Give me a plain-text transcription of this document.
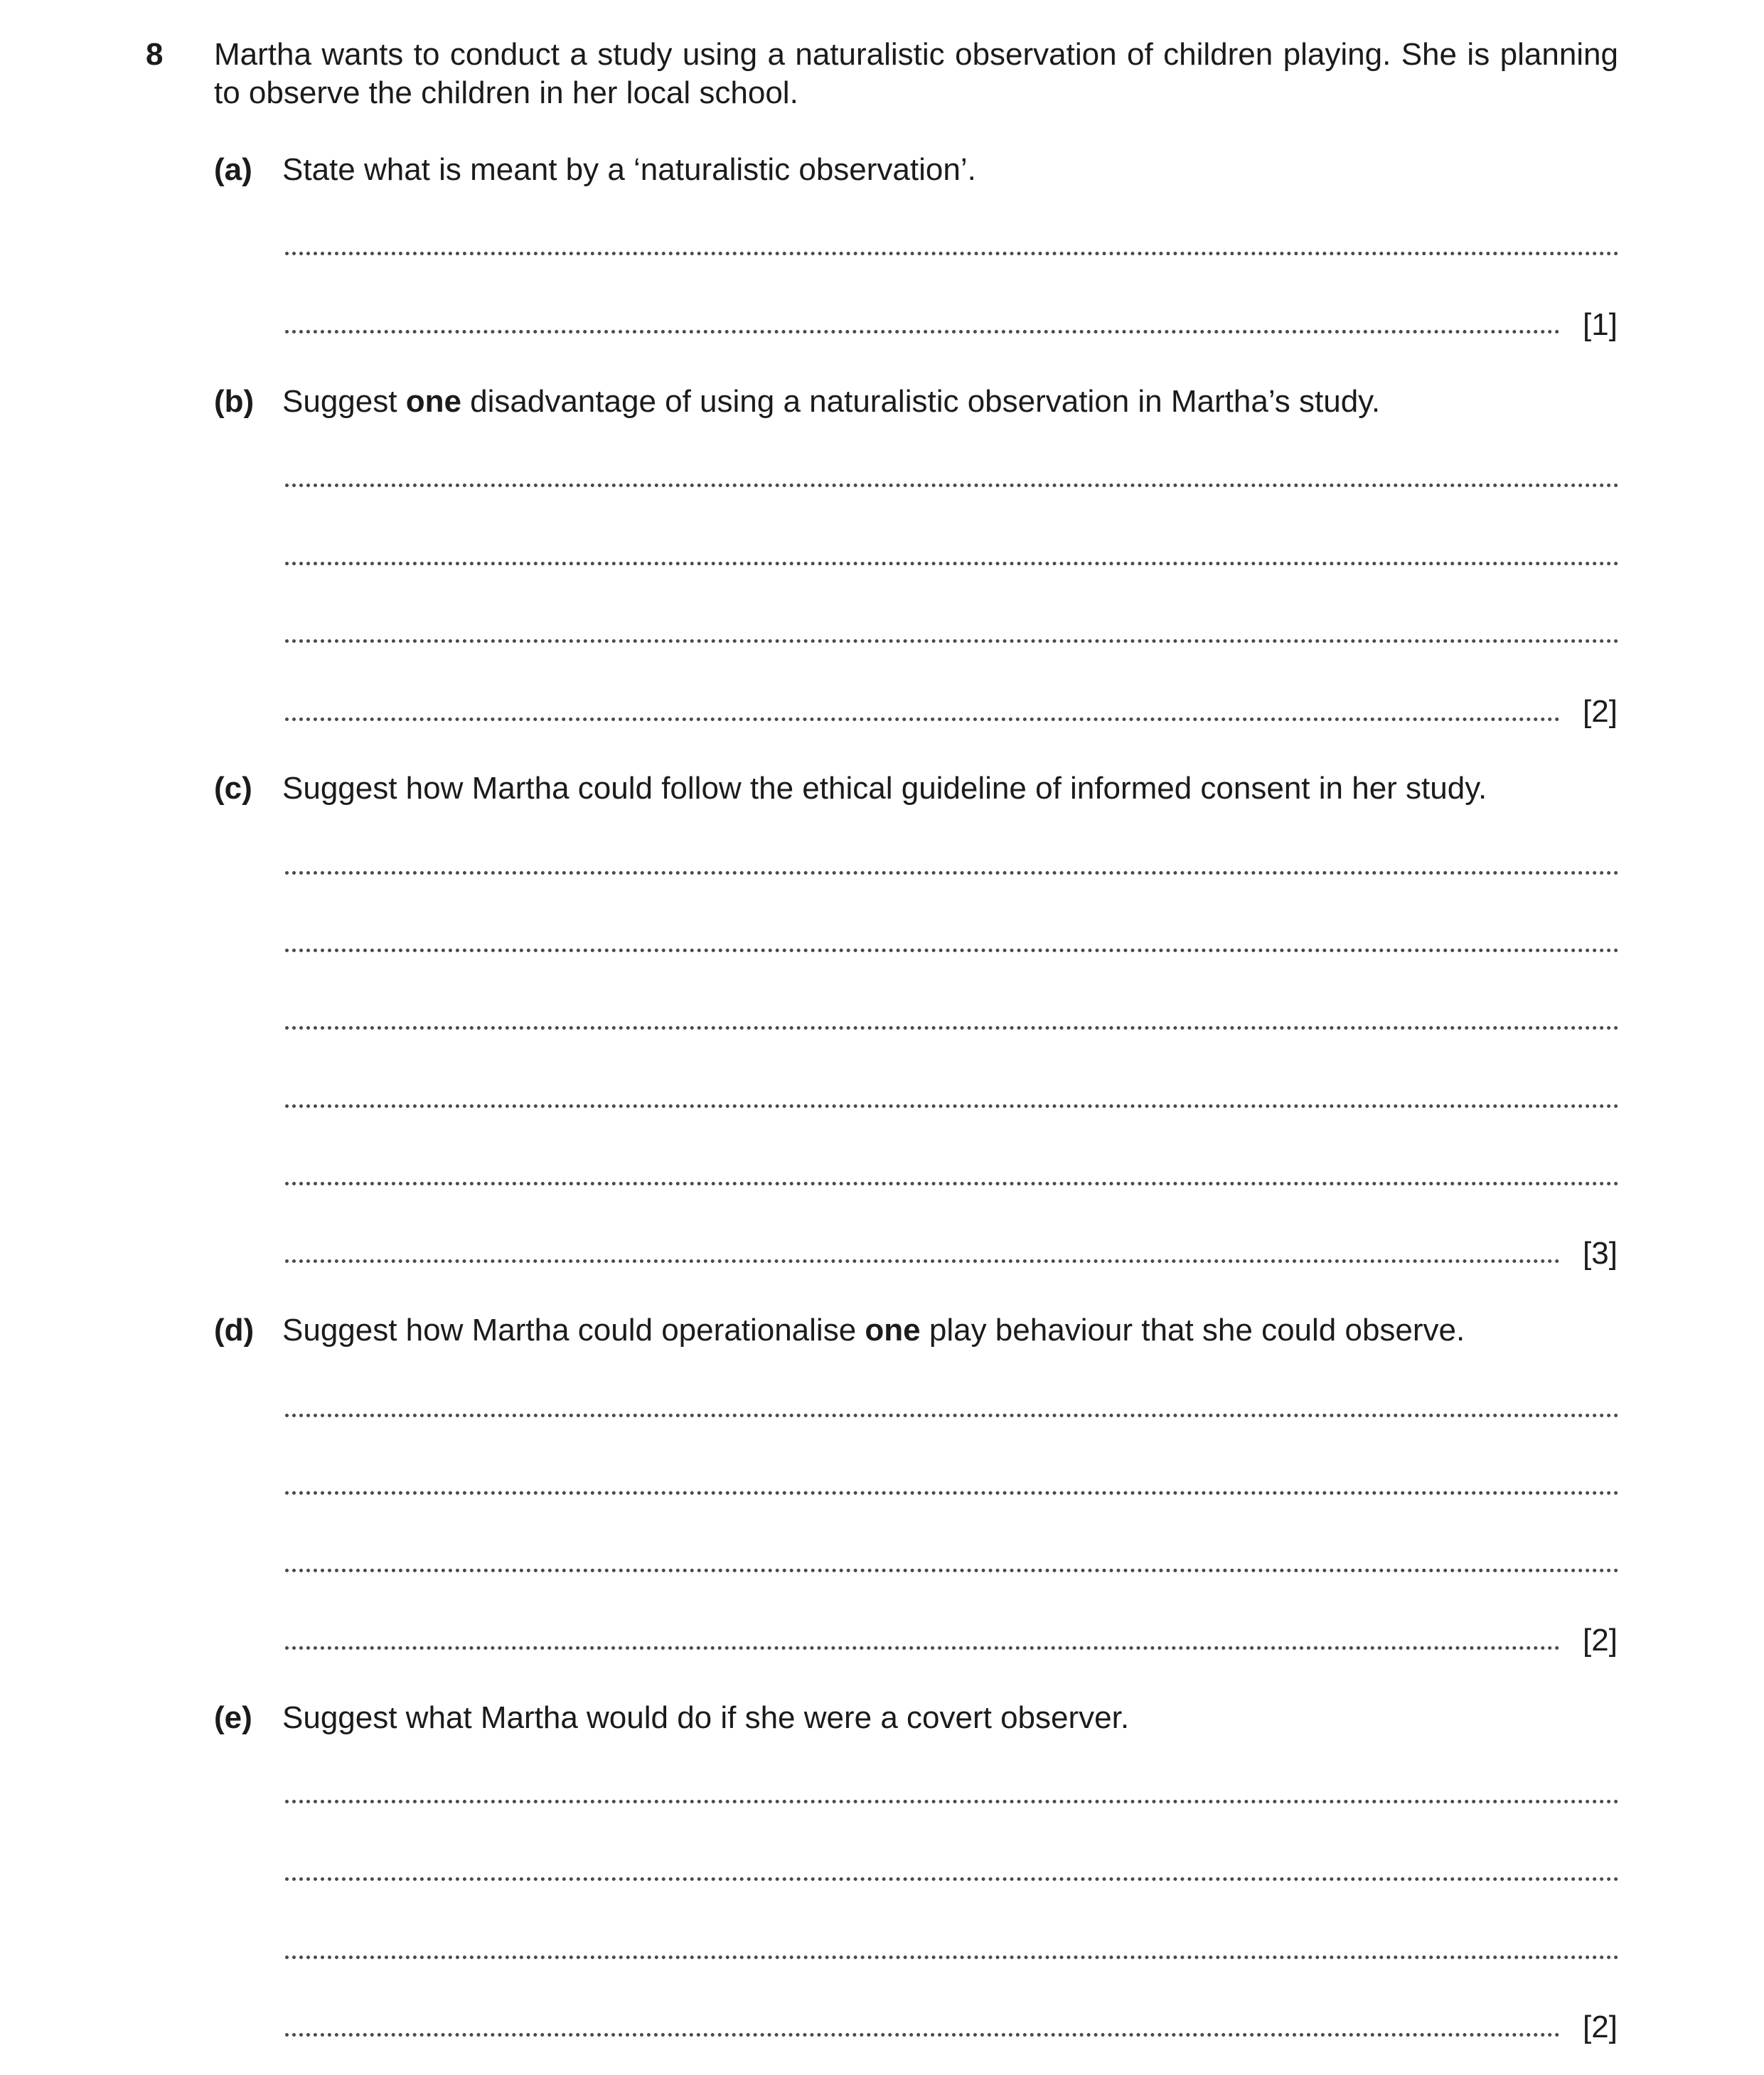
8 Martha wants to conduct a study using a naturalistic observation of children playing. She is planning to observe the children in her local school.
(a) State what is meant by a ‘naturalistic observation’.
[1]
(b) Suggest one disadvantage of using a naturalistic observation in Martha’s study.
[2]
(c) Suggest how Martha could follow the ethical guideline of informed consent in her study.
[3]
(d) Suggest how Martha could operationalise one play behaviour that she could observe.
[2]
(e) Suggest what Martha would do if she were a covert observer.
[2]
